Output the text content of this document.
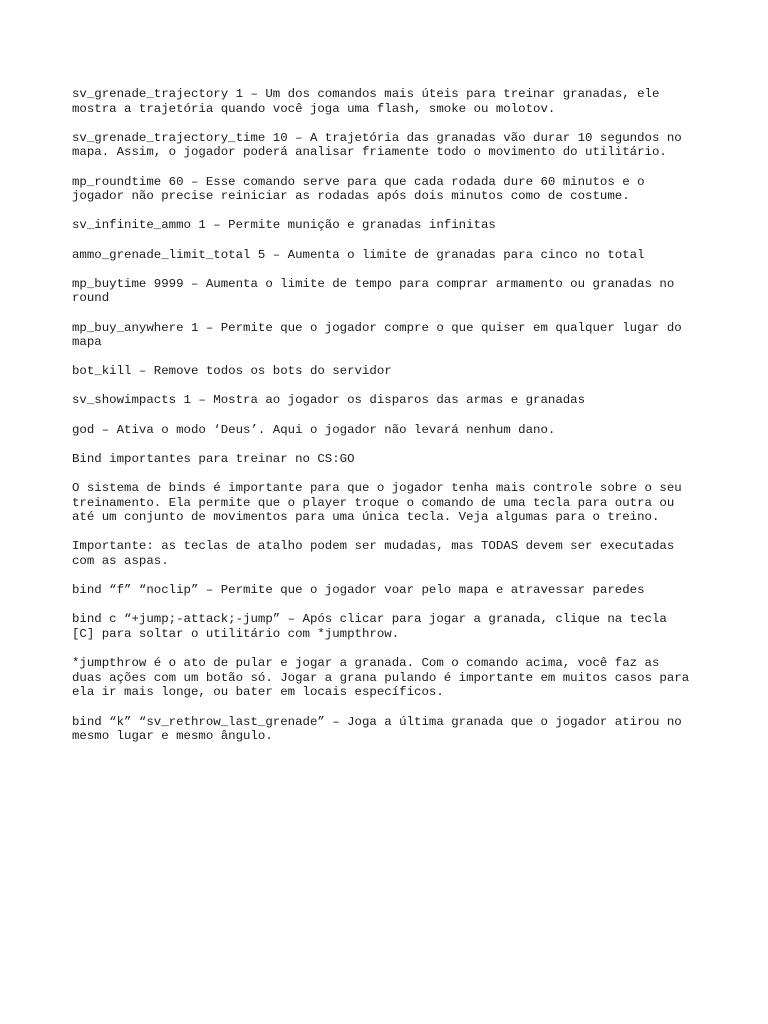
sv_grenade_trajectory 1 – Um dos comandos mais úteis para treinar granadas, ele
mostra a trajetória quando você joga uma flash, smoke ou molotov.

sv_grenade_trajectory_time 10 – A trajetória das granadas vão durar 10 segundos no
mapa. Assim, o jogador poderá analisar friamente todo o movimento do utilitário.

mp_roundtime 60 – Esse comando serve para que cada rodada dure 60 minutos e o
jogador não precise reiniciar as rodadas após dois minutos como de costume.

sv_infinite_ammo 1 – Permite munição e granadas infinitas

ammo_grenade_limit_total 5 – Aumenta o limite de granadas para cinco no total

mp_buytime 9999 – Aumenta o limite de tempo para comprar armamento ou granadas no
round

mp_buy_anywhere 1 – Permite que o jogador compre o que quiser em qualquer lugar do
mapa

bot_kill – Remove todos os bots do servidor

sv_showimpacts 1 – Mostra ao jogador os disparos das armas e granadas

god – Ativa o modo ‘Deus’. Aqui o jogador não levará nenhum dano.

Bind importantes para treinar no CS:GO

O sistema de binds é importante para que o jogador tenha mais controle sobre o seu
treinamento. Ela permite que o player troque o comando de uma tecla para outra ou
até um conjunto de movimentos para uma única tecla. Veja algumas para o treino.

Importante: as teclas de atalho podem ser mudadas, mas TODAS devem ser executadas
com as aspas.

bind “f” “noclip” – Permite que o jogador voar pelo mapa e atravessar paredes

bind c “+jump;-attack;-jump” – Após clicar para jogar a granada, clique na tecla
[C] para soltar o utilitário com *jumpthrow.

*jumpthrow é o ato de pular e jogar a granada. Com o comando acima, você faz as
duas ações com um botão só. Jogar a grana pulando é importante em muitos casos para
ela ir mais longe, ou bater em locais específicos.

bind “k” “sv_rethrow_last_grenade” – Joga a última granada que o jogador atirou no
mesmo lugar e mesmo ângulo.
